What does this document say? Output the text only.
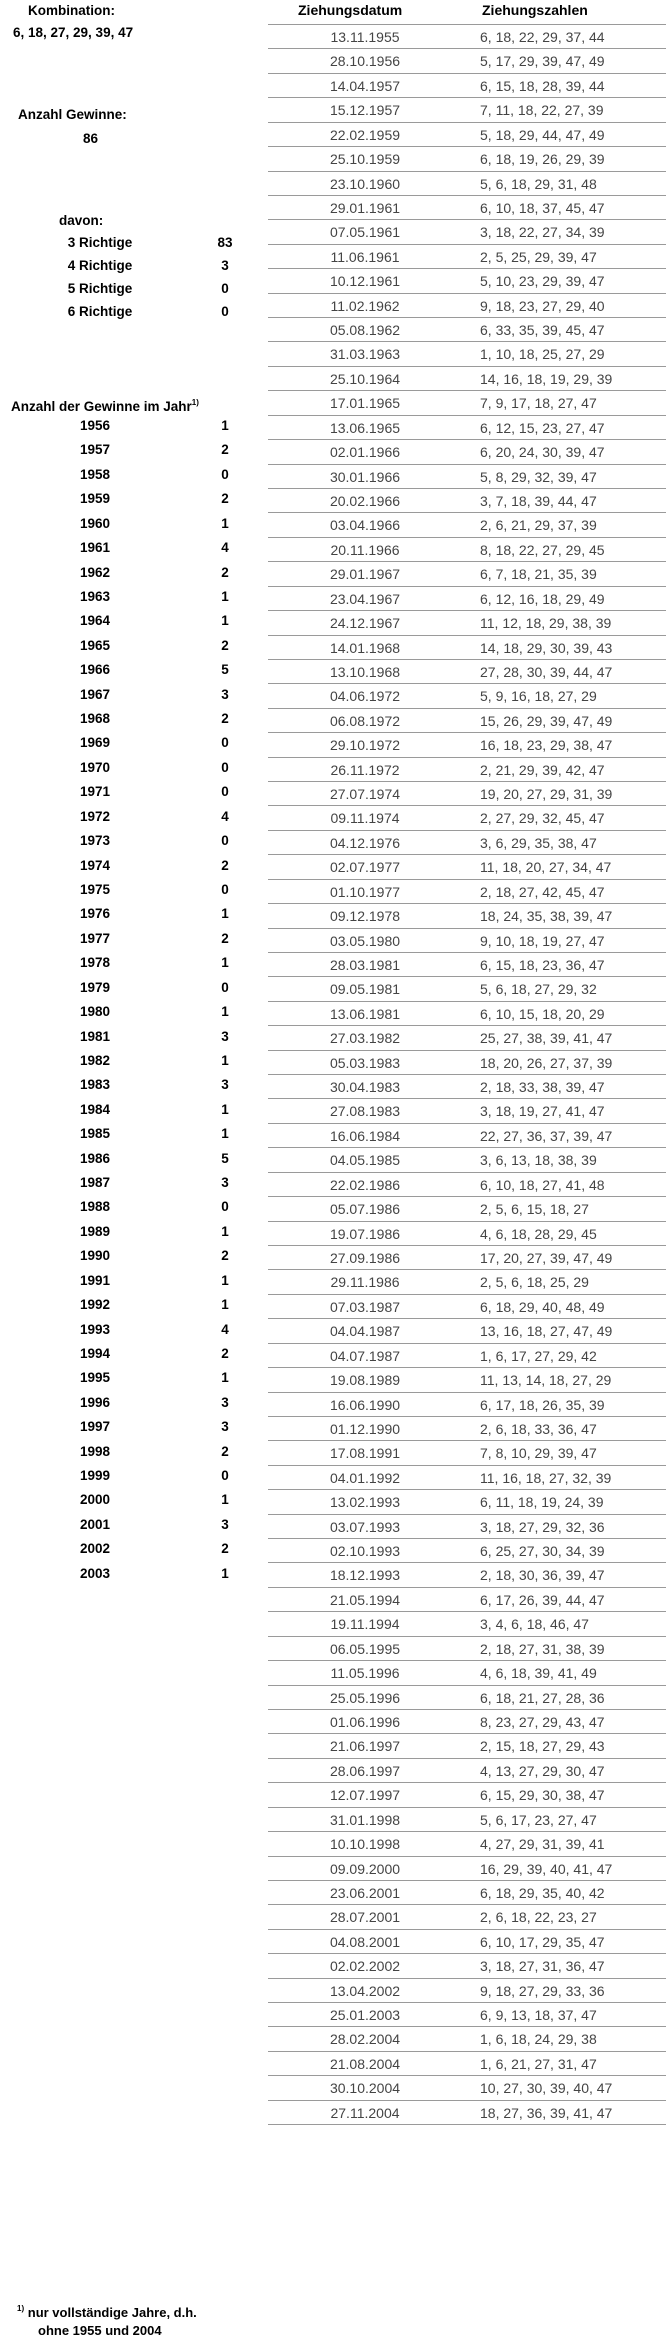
Kombination:
6, 18, 27, 29, 39, 47
Anzahl Gewinne:
86
davon:
3 Richtige	83
4 Richtige	3
5 Richtige	0
6 Richtige	0
Anzahl der Gewinne im Jahr$^{1)}$
1956	1
1957	2
1958	0
1959	2
1960	1
1961	4
1962	2
1963	1
1964	1
1965	2
1966	5
1967	3
1968	2
1969	0
1970	0
1971	0
1972	4
1973	0
1974	2
1975	0
1976	1
1977	2
1978	1
1979	0
1980	1
1981	3
1982	1
1983	3
1984	1
1985	1
1986	5
1987	3
1988	0
1989	1
1990	2
1991	1
1992	1
1993	4
1994	2
1995	1
1996	3
1997	3
1998	2
1999	0
2000	1
2001	3
2002	2
2003	1
Ziehungsdatum	Ziehungszahlen
13.11.1955	6, 18, 22, 29, 37, 44
28.10.1956	5, 17, 29, 39, 47, 49
14.04.1957	6, 15, 18, 28, 39, 44
15.12.1957	7, 11, 18, 22, 27, 39
22.02.1959	5, 18, 29, 44, 47, 49
25.10.1959	6, 18, 19, 26, 29, 39
23.10.1960	5, 6, 18, 29, 31, 48
29.01.1961	6, 10, 18, 37, 45, 47
07.05.1961	3, 18, 22, 27, 34, 39
11.06.1961	2, 5, 25, 29, 39, 47
10.12.1961	5, 10, 23, 29, 39, 47
11.02.1962	9, 18, 23, 27, 29, 40
05.08.1962	6, 33, 35, 39, 45, 47
31.03.1963	1, 10, 18, 25, 27, 29
25.10.1964	14, 16, 18, 19, 29, 39
17.01.1965	7, 9, 17, 18, 27, 47
13.06.1965	6, 12, 15, 23, 27, 47
02.01.1966	6, 20, 24, 30, 39, 47
30.01.1966	5, 8, 29, 32, 39, 47
20.02.1966	3, 7, 18, 39, 44, 47
03.04.1966	2, 6, 21, 29, 37, 39
20.11.1966	8, 18, 22, 27, 29, 45
29.01.1967	6, 7, 18, 21, 35, 39
23.04.1967	6, 12, 16, 18, 29, 49
24.12.1967	11, 12, 18, 29, 38, 39
14.01.1968	14, 18, 29, 30, 39, 43
13.10.1968	27, 28, 30, 39, 44, 47
04.06.1972	5, 9, 16, 18, 27, 29
06.08.1972	15, 26, 29, 39, 47, 49
29.10.1972	16, 18, 23, 29, 38, 47
26.11.1972	2, 21, 29, 39, 42, 47
27.07.1974	19, 20, 27, 29, 31, 39
09.11.1974	2, 27, 29, 32, 45, 47
04.12.1976	3, 6, 29, 35, 38, 47
02.07.1977	11, 18, 20, 27, 34, 47
01.10.1977	2, 18, 27, 42, 45, 47
09.12.1978	18, 24, 35, 38, 39, 47
03.05.1980	9, 10, 18, 19, 27, 47
28.03.1981	6, 15, 18, 23, 36, 47
09.05.1981	5, 6, 18, 27, 29, 32
13.06.1981	6, 10, 15, 18, 20, 29
27.03.1982	25, 27, 38, 39, 41, 47
05.03.1983	18, 20, 26, 27, 37, 39
30.04.1983	2, 18, 33, 38, 39, 47
27.08.1983	3, 18, 19, 27, 41, 47
16.06.1984	22, 27, 36, 37, 39, 47
04.05.1985	3, 6, 13, 18, 38, 39
22.02.1986	6, 10, 18, 27, 41, 48
05.07.1986	2, 5, 6, 15, 18, 27
19.07.1986	4, 6, 18, 28, 29, 45
27.09.1986	17, 20, 27, 39, 47, 49
29.11.1986	2, 5, 6, 18, 25, 29
07.03.1987	6, 18, 29, 40, 48, 49
04.04.1987	13, 16, 18, 27, 47, 49
04.07.1987	1, 6, 17, 27, 29, 42
19.08.1989	11, 13, 14, 18, 27, 29
16.06.1990	6, 17, 18, 26, 35, 39
01.12.1990	2, 6, 18, 33, 36, 47
17.08.1991	7, 8, 10, 29, 39, 47
04.01.1992	11, 16, 18, 27, 32, 39
13.02.1993	6, 11, 18, 19, 24, 39
03.07.1993	3, 18, 27, 29, 32, 36
02.10.1993	6, 25, 27, 30, 34, 39
18.12.1993	2, 18, 30, 36, 39, 47
21.05.1994	6, 17, 26, 39, 44, 47
19.11.1994	3, 4, 6, 18, 46, 47
06.05.1995	2, 18, 27, 31, 38, 39
11.05.1996	4, 6, 18, 39, 41, 49
25.05.1996	6, 18, 21, 27, 28, 36
01.06.1996	8, 23, 27, 29, 43, 47
21.06.1997	2, 15, 18, 27, 29, 43
28.06.1997	4, 13, 27, 29, 30, 47
12.07.1997	6, 15, 29, 30, 38, 47
31.01.1998	5, 6, 17, 23, 27, 47
10.10.1998	4, 27, 29, 31, 39, 41
09.09.2000	16, 29, 39, 40, 41, 47
23.06.2001	6, 18, 29, 35, 40, 42
28.07.2001	2, 6, 18, 22, 23, 27
04.08.2001	6, 10, 17, 29, 35, 47
02.02.2002	3, 18, 27, 31, 36, 47
13.04.2002	9, 18, 27, 29, 33, 36
25.01.2003	6, 9, 13, 18, 37, 47
28.02.2004	1, 6, 18, 24, 29, 38
21.08.2004	1, 6, 21, 27, 31, 47
30.10.2004	10, 27, 30, 39, 40, 47
27.11.2004	18, 27, 36, 39, 41, 47
$^{1)}$ nur vollständige Jahre, d.h.
ohne 1955 und 2004
